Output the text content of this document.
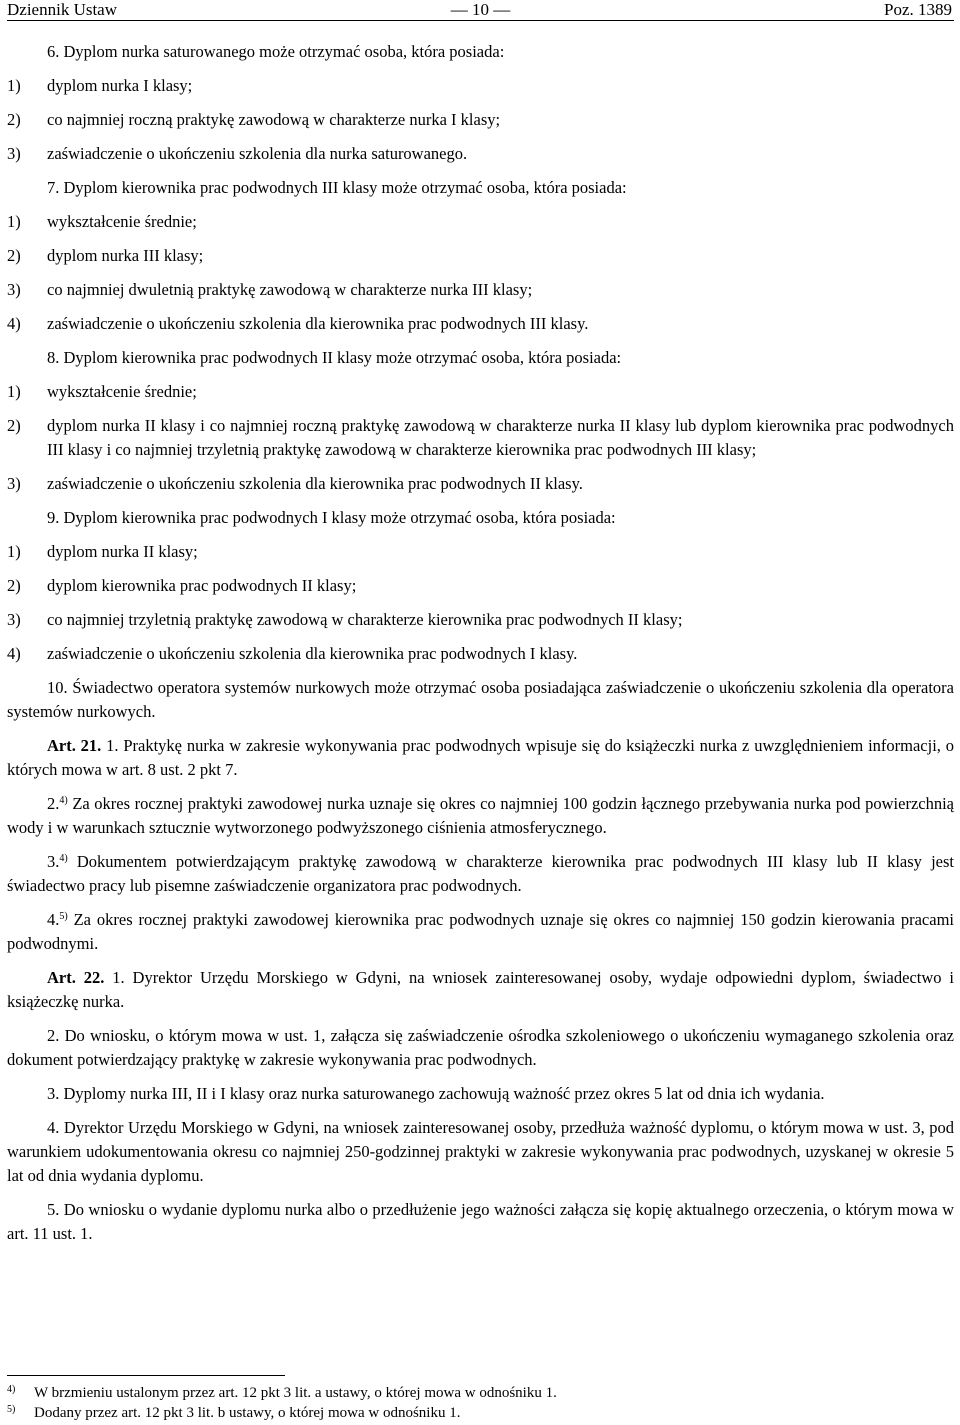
Dziennik Ustaw	— 10 —	Poz. 1389

6. Dyplom nurka saturowanego może otrzymać osoba, która posiada:

1)	dyplom nurka I klasy;
2)	co najmniej roczną praktykę zawodową w charakterze nurka I klasy;
3)	zaświadczenie o ukończeniu szkolenia dla nurka saturowanego.

7. Dyplom kierownika prac podwodnych III klasy może otrzymać osoba, która posiada:

1)	wykształcenie średnie;
2)	dyplom nurka III klasy;
3)	co najmniej dwuletnią praktykę zawodową w charakterze nurka III klasy;
4)	zaświadczenie o ukończeniu szkolenia dla kierownika prac podwodnych III klasy.

8. Dyplom kierownika prac podwodnych II klasy może otrzymać osoba, która posiada:

1)	wykształcenie średnie;
2)	dyplom nurka II klasy i co najmniej roczną praktykę zawodową w charakterze nurka II klasy lub dyplom kierownika prac podwodnych III klasy i co najmniej trzyletnią praktykę zawodową w charakterze kierownika prac podwodnych III klasy;
3)	zaświadczenie o ukończeniu szkolenia dla kierownika prac podwodnych II klasy.

9. Dyplom kierownika prac podwodnych I klasy może otrzymać osoba, która posiada:

1)	dyplom nurka II klasy;
2)	dyplom kierownika prac podwodnych II klasy;
3)	co najmniej trzyletnią praktykę zawodową w charakterze kierownika prac podwodnych II klasy;
4)	zaświadczenie o ukończeniu szkolenia dla kierownika prac podwodnych I klasy.

10. Świadectwo operatora systemów nurkowych może otrzymać osoba posiadająca zaświadczenie o ukończeniu szkolenia dla operatora systemów nurkowych.

Art. 21. 1. Praktykę nurka w zakresie wykonywania prac podwodnych wpisuje się do książeczki nurka z uwzględnieniem informacji, o których mowa w art. 8 ust. 2 pkt 7.

2.$^{4)}$ Za okres rocznej praktyki zawodowej nurka uznaje się okres co najmniej 100 godzin łącznego przebywania nurka pod powierzchnią wody i w warunkach sztucznie wytworzonego podwyższonego ciśnienia atmosferycznego.

3.$^{4)}$ Dokumentem potwierdzającym praktykę zawodową w charakterze kierownika prac podwodnych III klasy lub II klasy jest świadectwo pracy lub pisemne zaświadczenie organizatora prac podwodnych.

4.$^{5)}$ Za okres rocznej praktyki zawodowej kierownika prac podwodnych uznaje się okres co najmniej 150 godzin kierowania pracami podwodnymi.

Art. 22. 1. Dyrektor Urzędu Morskiego w Gdyni, na wniosek zainteresowanej osoby, wydaje odpowiedni dyplom, świadectwo i książeczkę nurka.

2. Do wniosku, o którym mowa w ust. 1, załącza się zaświadczenie ośrodka szkoleniowego o ukończeniu wymaganego szkolenia oraz dokument potwierdzający praktykę w zakresie wykonywania prac podwodnych.

3. Dyplomy nurka III, II i I klasy oraz nurka saturowanego zachowują ważność przez okres 5 lat od dnia ich wydania.

4. Dyrektor Urzędu Morskiego w Gdyni, na wniosek zainteresowanej osoby, przedłuża ważność dyplomu, o którym mowa w ust. 3, pod warunkiem udokumentowania okresu co najmniej 250-godzinnej praktyki w zakresie wykonywania prac podwodnych, uzyskanej w okresie 5 lat od dnia wydania dyplomu.

5. Do wniosku o wydanie dyplomu nurka albo o przedłużenie jego ważności załącza się kopię aktualnego orzeczenia, o którym mowa w art. 11 ust. 1.

4)	W brzmieniu ustalonym przez art. 12 pkt 3 lit. a ustawy, o której mowa w odnośniku 1.
5)	Dodany przez art. 12 pkt 3 lit. b ustawy, o której mowa w odnośniku 1.
